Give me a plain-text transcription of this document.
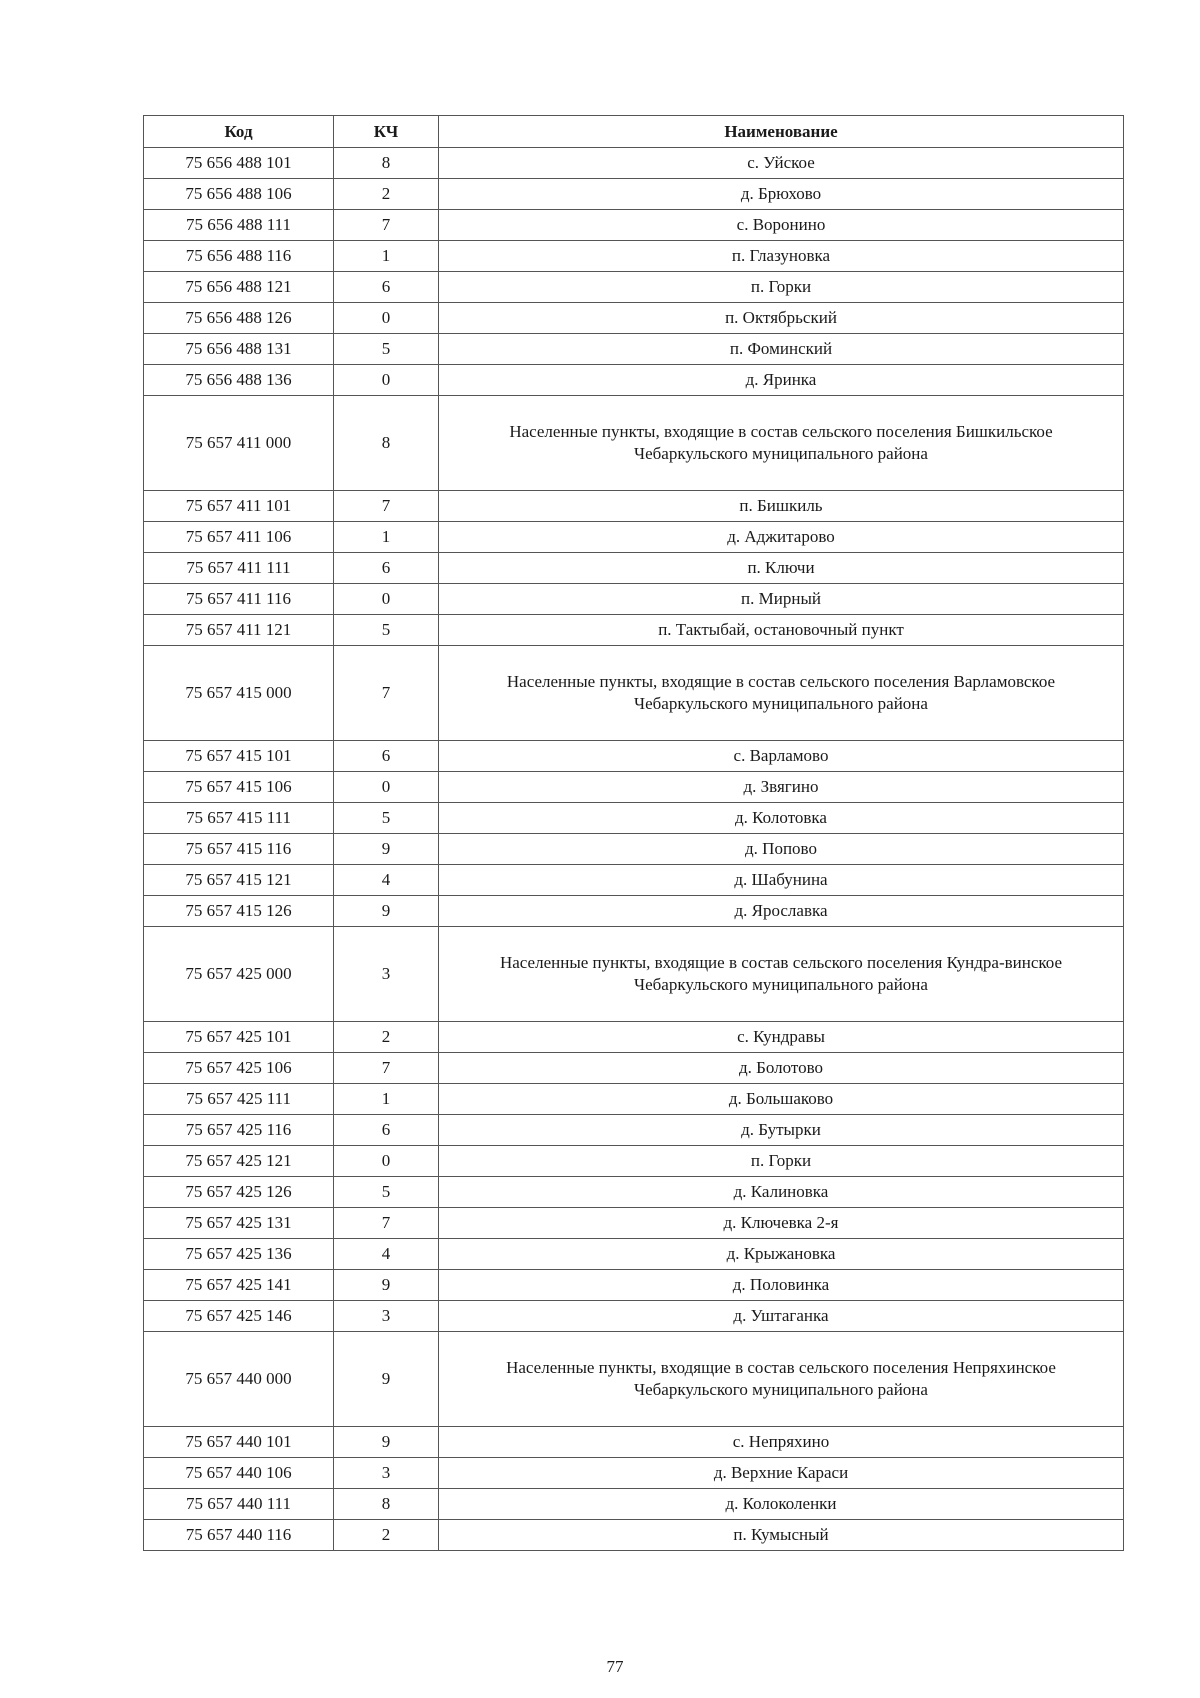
Код	КЧ	Наименование
75 656 488 101	8	с. Уйское
75 656 488 106	2	д. Брюхово
75 656 488 111	7	с. Воронино
75 656 488 116	1	п. Глазуновка
75 656 488 121	6	п. Горки
75 656 488 126	0	п. Октябрьский
75 656 488 131	5	п. Фоминский
75 656 488 136	0	д. Яринка
75 657 411 000	8	Населенные пункты, входящие в состав сельского поселения Бишкильское Чебаркульского муниципального района
75 657 411 101	7	п. Бишкиль
75 657 411 106	1	д. Аджитарово
75 657 411 111	6	п. Ключи
75 657 411 116	0	п. Мирный
75 657 411 121	5	п. Тактыбай, остановочный пункт
75 657 415 000	7	Населенные пункты, входящие в состав сельского поселения Варламовское Чебаркульского муниципального района
75 657 415 101	6	с. Варламово
75 657 415 106	0	д. Звягино
75 657 415 111	5	д. Колотовка
75 657 415 116	9	д. Попово
75 657 415 121	4	д. Шабунина
75 657 415 126	9	д. Ярославка
75 657 425 000	3	Населенные пункты, входящие в состав сельского поселения Кундра-винское Чебаркульского муниципального района
75 657 425 101	2	с. Кундравы
75 657 425 106	7	д. Болотово
75 657 425 111	1	д. Большаково
75 657 425 116	6	д. Бутырки
75 657 425 121	0	п. Горки
75 657 425 126	5	д. Калиновка
75 657 425 131	7	д. Ключевка 2-я
75 657 425 136	4	д. Крыжановка
75 657 425 141	9	д. Половинка
75 657 425 146	3	д. Уштаганка
75 657 440 000	9	Населенные пункты, входящие в состав сельского поселения Непряхинское Чебаркульского муниципального района
75 657 440 101	9	с. Непряхино
75 657 440 106	3	д. Верхние Караси
75 657 440 111	8	д. Колоколенки
75 657 440 116	2	п. Кумысный
77
